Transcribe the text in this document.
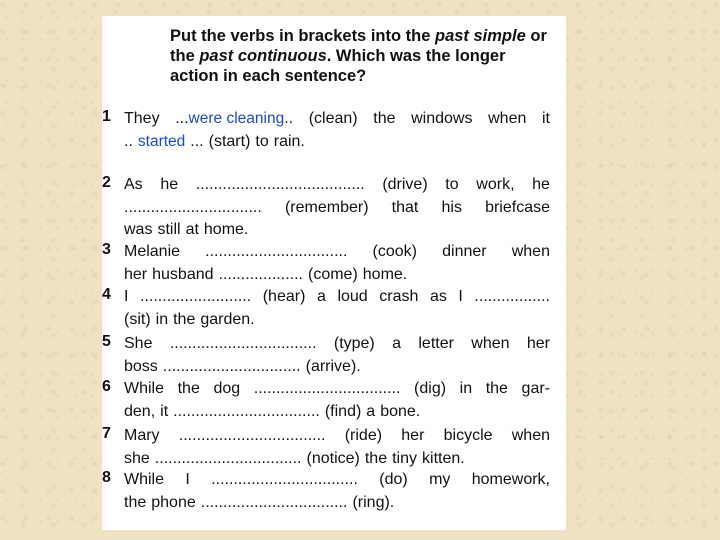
Put the verbs in brackets into the past simple or the past continuous. Which was the longer action in each sentence?
1 They ... were cleaning .. (clean) the windows when it
.. started ... (start) to rain.
2 As he ...................................... (drive) to work, he
............................... (remember) that his briefcase
was still at home.
3 Melanie ................................ (cook) dinner when
her husband ................... (come) home.
4 I ......................... (hear) a loud crash as I .................
(sit) in the garden.
5 She ................................. (type) a letter when her
boss ............................... (arrive).
6 While the dog ................................. (dig) in the gar-
den, it ................................. (find) a bone.
7 Mary ................................. (ride) her bicycle when
she ................................. (notice) the tiny kitten.
8 While I ................................. (do) my homework,
the phone ................................. (ring).
